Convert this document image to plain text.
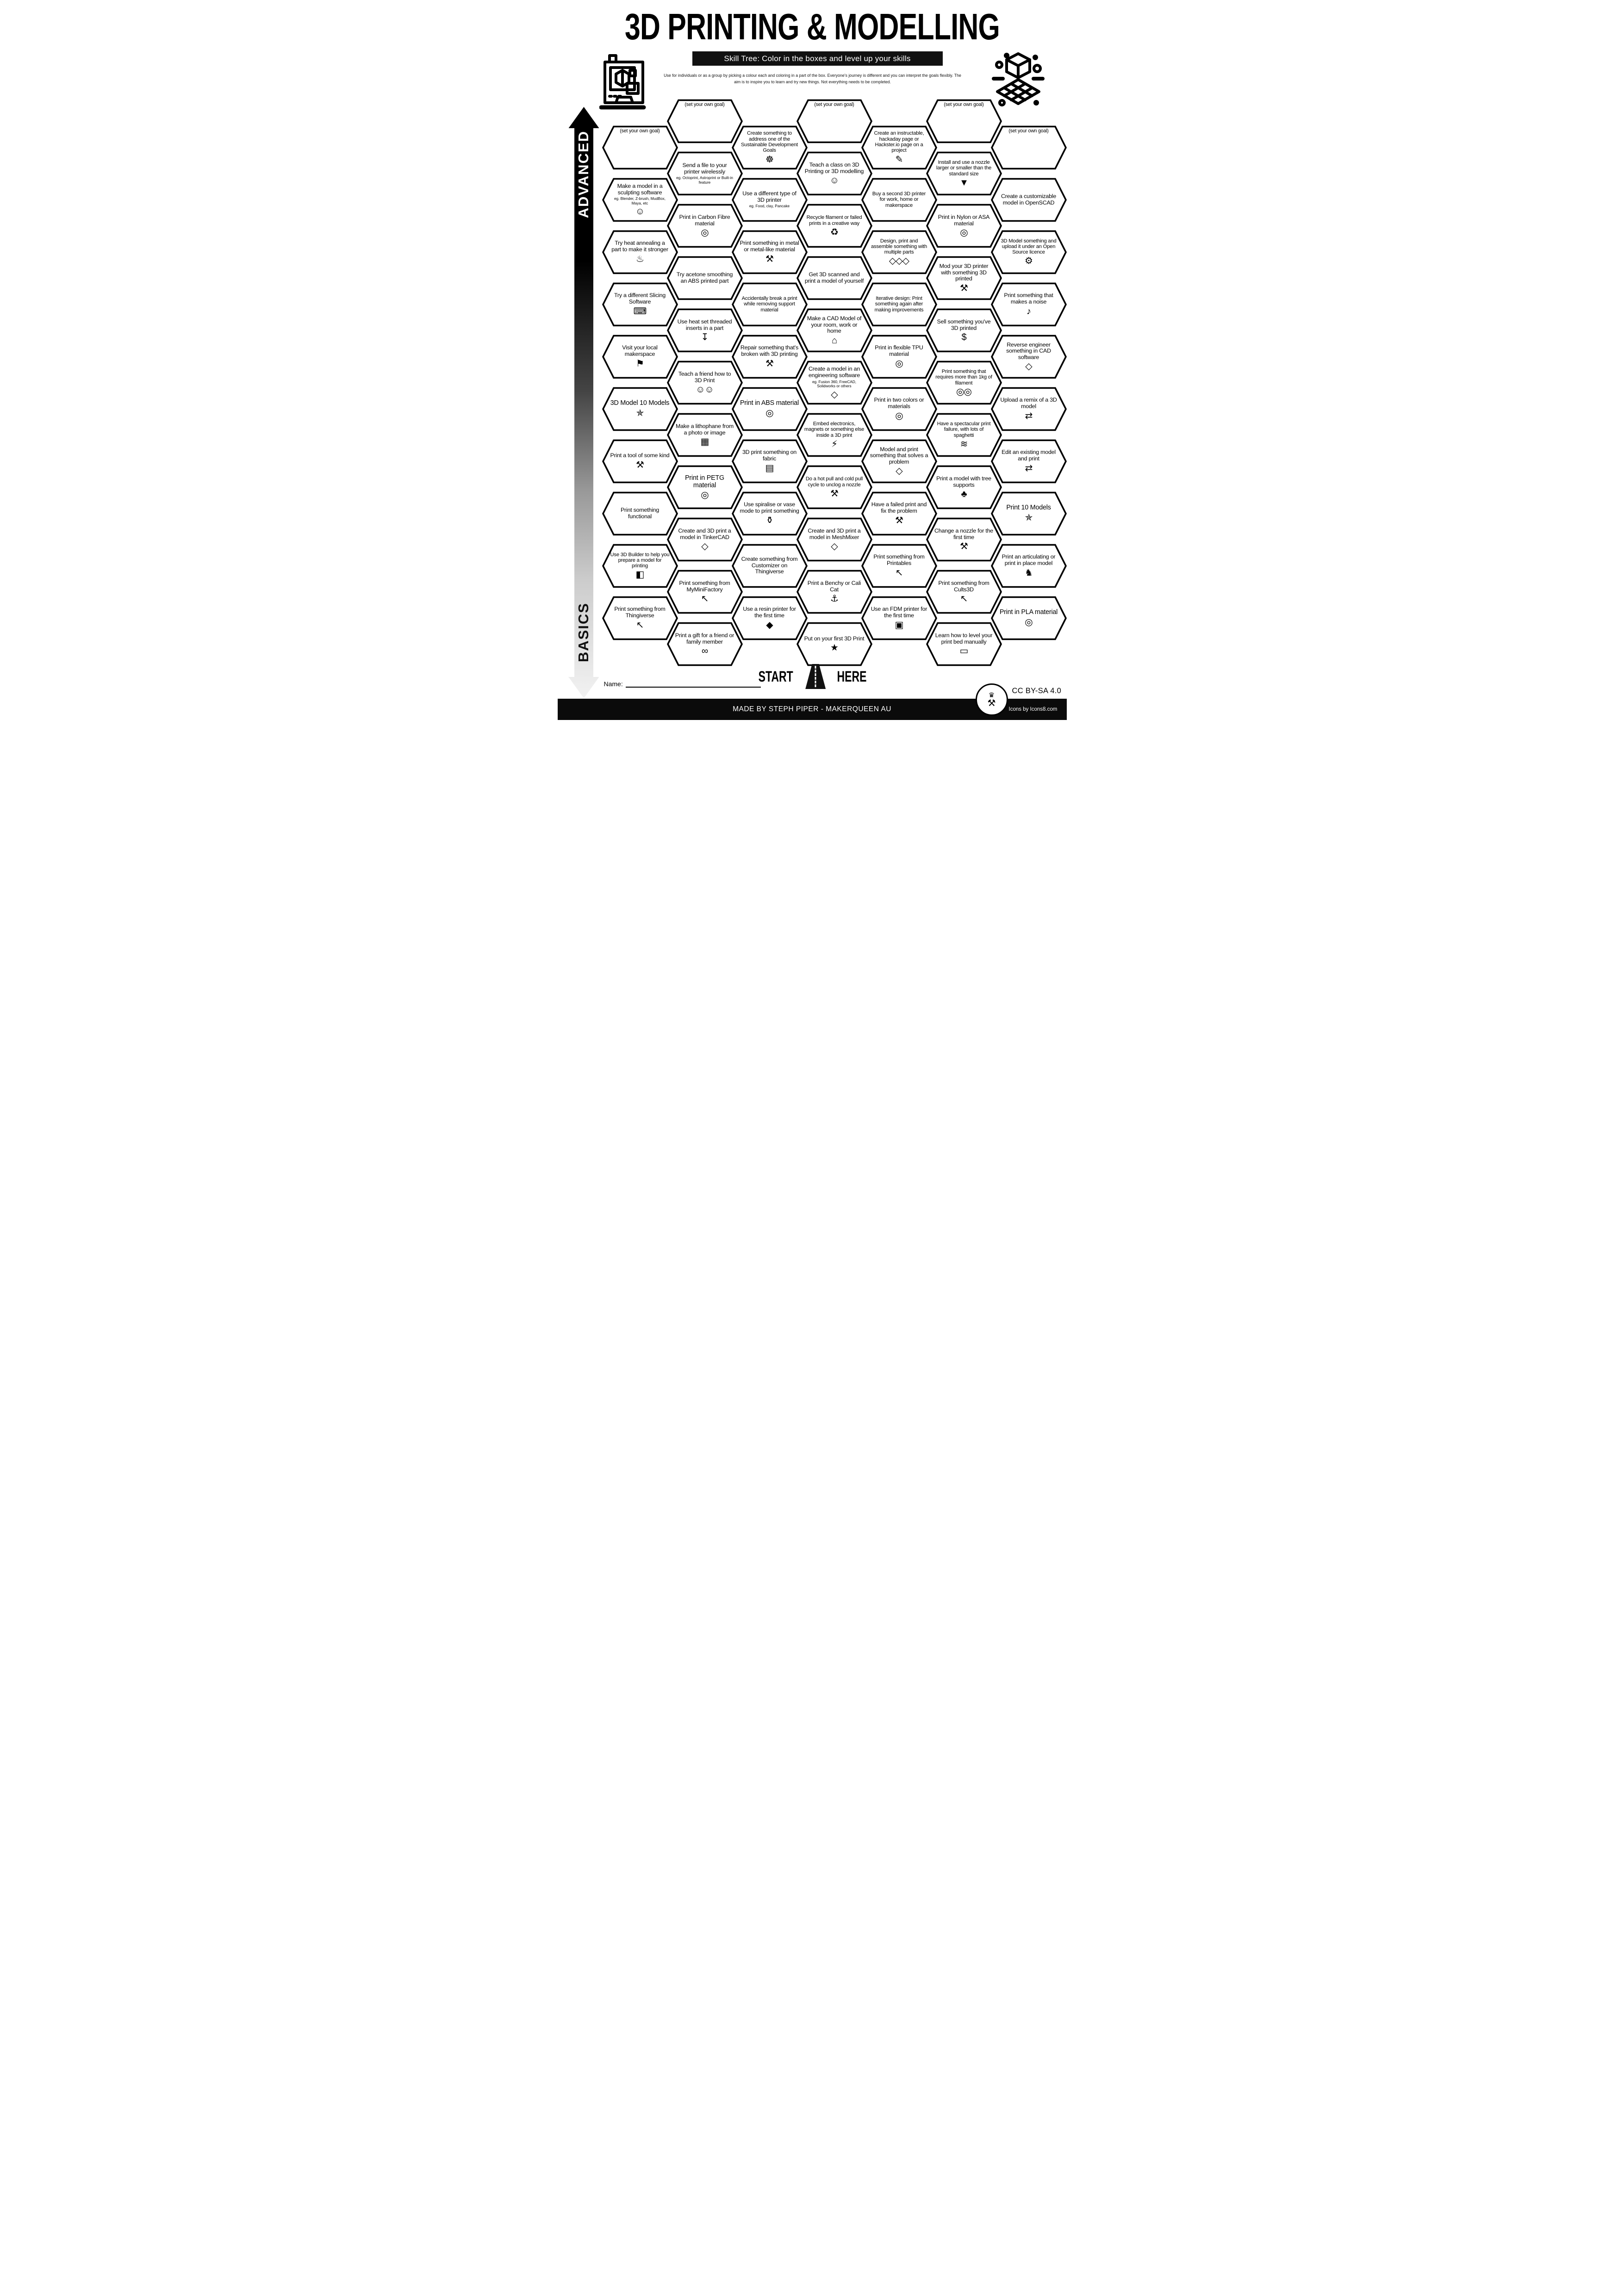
3D PRINTING & MODELLING
Skill Tree: Color in the boxes and level up your skills
Use for individuals or as a group by picking a colour each and coloring in a part of the box. Everyone's journey is different and you can interpret the goals flexibly. The aim is to inspire you to learn and try new things. Not everything needs to be completed.
ADVANCED
BASICS
(set your own goal)
Make a model in a sculpting software
eg. Blender, Z-brush, MudBox, Maya, etc
☺
Try heat annealing a part to make it stronger
♨
Try a different Slicing Software
⌨
Visit your local makerspace
⚑
3D Model 10 Models
✯
Print a tool of some kind
⚒
Print something functional
Use 3D Builder to help you prepare a model for printing
◧
Print something from Thingiverse
↖
(set your own goal)
Send a file to your printer wirelessly
eg. Octoprint, Astroprint or Built-in feature
Print in Carbon Fibre material
◎
Try acetone smoothing an ABS printed part
Use heat set threaded inserts in a part
↧
Teach a friend how to 3D Print
☺☺
Make a lithophane from a photo or image
▦
Print in PETG material
◎
Create and 3D print a model in TinkerCAD
◇
Print something from MyMiniFactory
↖
Print a gift for a friend or family member
∞
Create something to address one of the Sustainable Development Goals
☸
Use a different type of 3D printer
eg. Food, clay, Pancake
Print something in metal or metal-like material
⚒
Accidentally break a print while removing support material
Repair something that's broken with 3D printing
⚒
Print in ABS material
◎
3D print something on fabric
▤
Use spiralise or vase mode to print something
⚱
Create something from Customizer on Thingiverse
Use a resin printer for the first time
◆
(set your own goal)
Teach a class on 3D Printing or 3D modelling
☺
Recycle filament or failed prints in a creative way
♻
Get 3D scanned and print a model of yourself
Make a CAD Model of your room, work or home
⌂
Create a model in an engineering software
eg. Fusion 360, FreeCAD, Solidworks or others
◇
Embed electronics, magnets or something else inside a 3D print
⚡
Do a hot pull and cold pull cycle to unclog a nozzle
⚒
Create and 3D print a model in MeshMixer
◇
Print a Benchy or Cali Cat
⚓
Put on your first 3D Print
★
Create an instructable, hackaday page or Hackster.io page on a project
✎
Buy a second 3D printer for work, home or makerspace
Design, print and assemble something with multiple parts
◇◇◇
Iterative design: Print something again after making improvements
Print in flexible TPU material
◎
Print in two colors or materials
◎
Model and print something that solves a problem
◇
Have a failed print and fix the problem
⚒
Print something from Printables
↖
Use an FDM printer for the first time
▣
(set your own goal)
Install and use a nozzle larger or smaller than the standard size
▼
Print in Nylon or ASA material
◎
Mod your 3D printer with something 3D printed
⚒
Sell something you've 3D printed
$
Print something that requires more than 1kg of filament
◎◎
Have a spectacular print failure, with lots of spaghetti
≋
Print a model with tree supports
♣
Change a nozzle for the first time
⚒
Print something from Cults3D
↖
Learn how to level your print bed manually
▭
(set your own goal)
Create a customizable model in OpenSCAD
3D Model something and upload it under an Open Source licence
⚙
Print something that makes a noise
♪
Reverse engineer something in CAD software
◇
Upload a remix of a 3D model
⇄
Edit an existing model and print
⇄
Print 10 Models
✯
Print an articulating or print in place model
♞
Print in PLA material
◎
START	HERE
Name:
♛
⚒
CC BY-SA 4.0
MADE BY STEPH PIPER - MAKERQUEEN AU	Icons by Icons8.com
